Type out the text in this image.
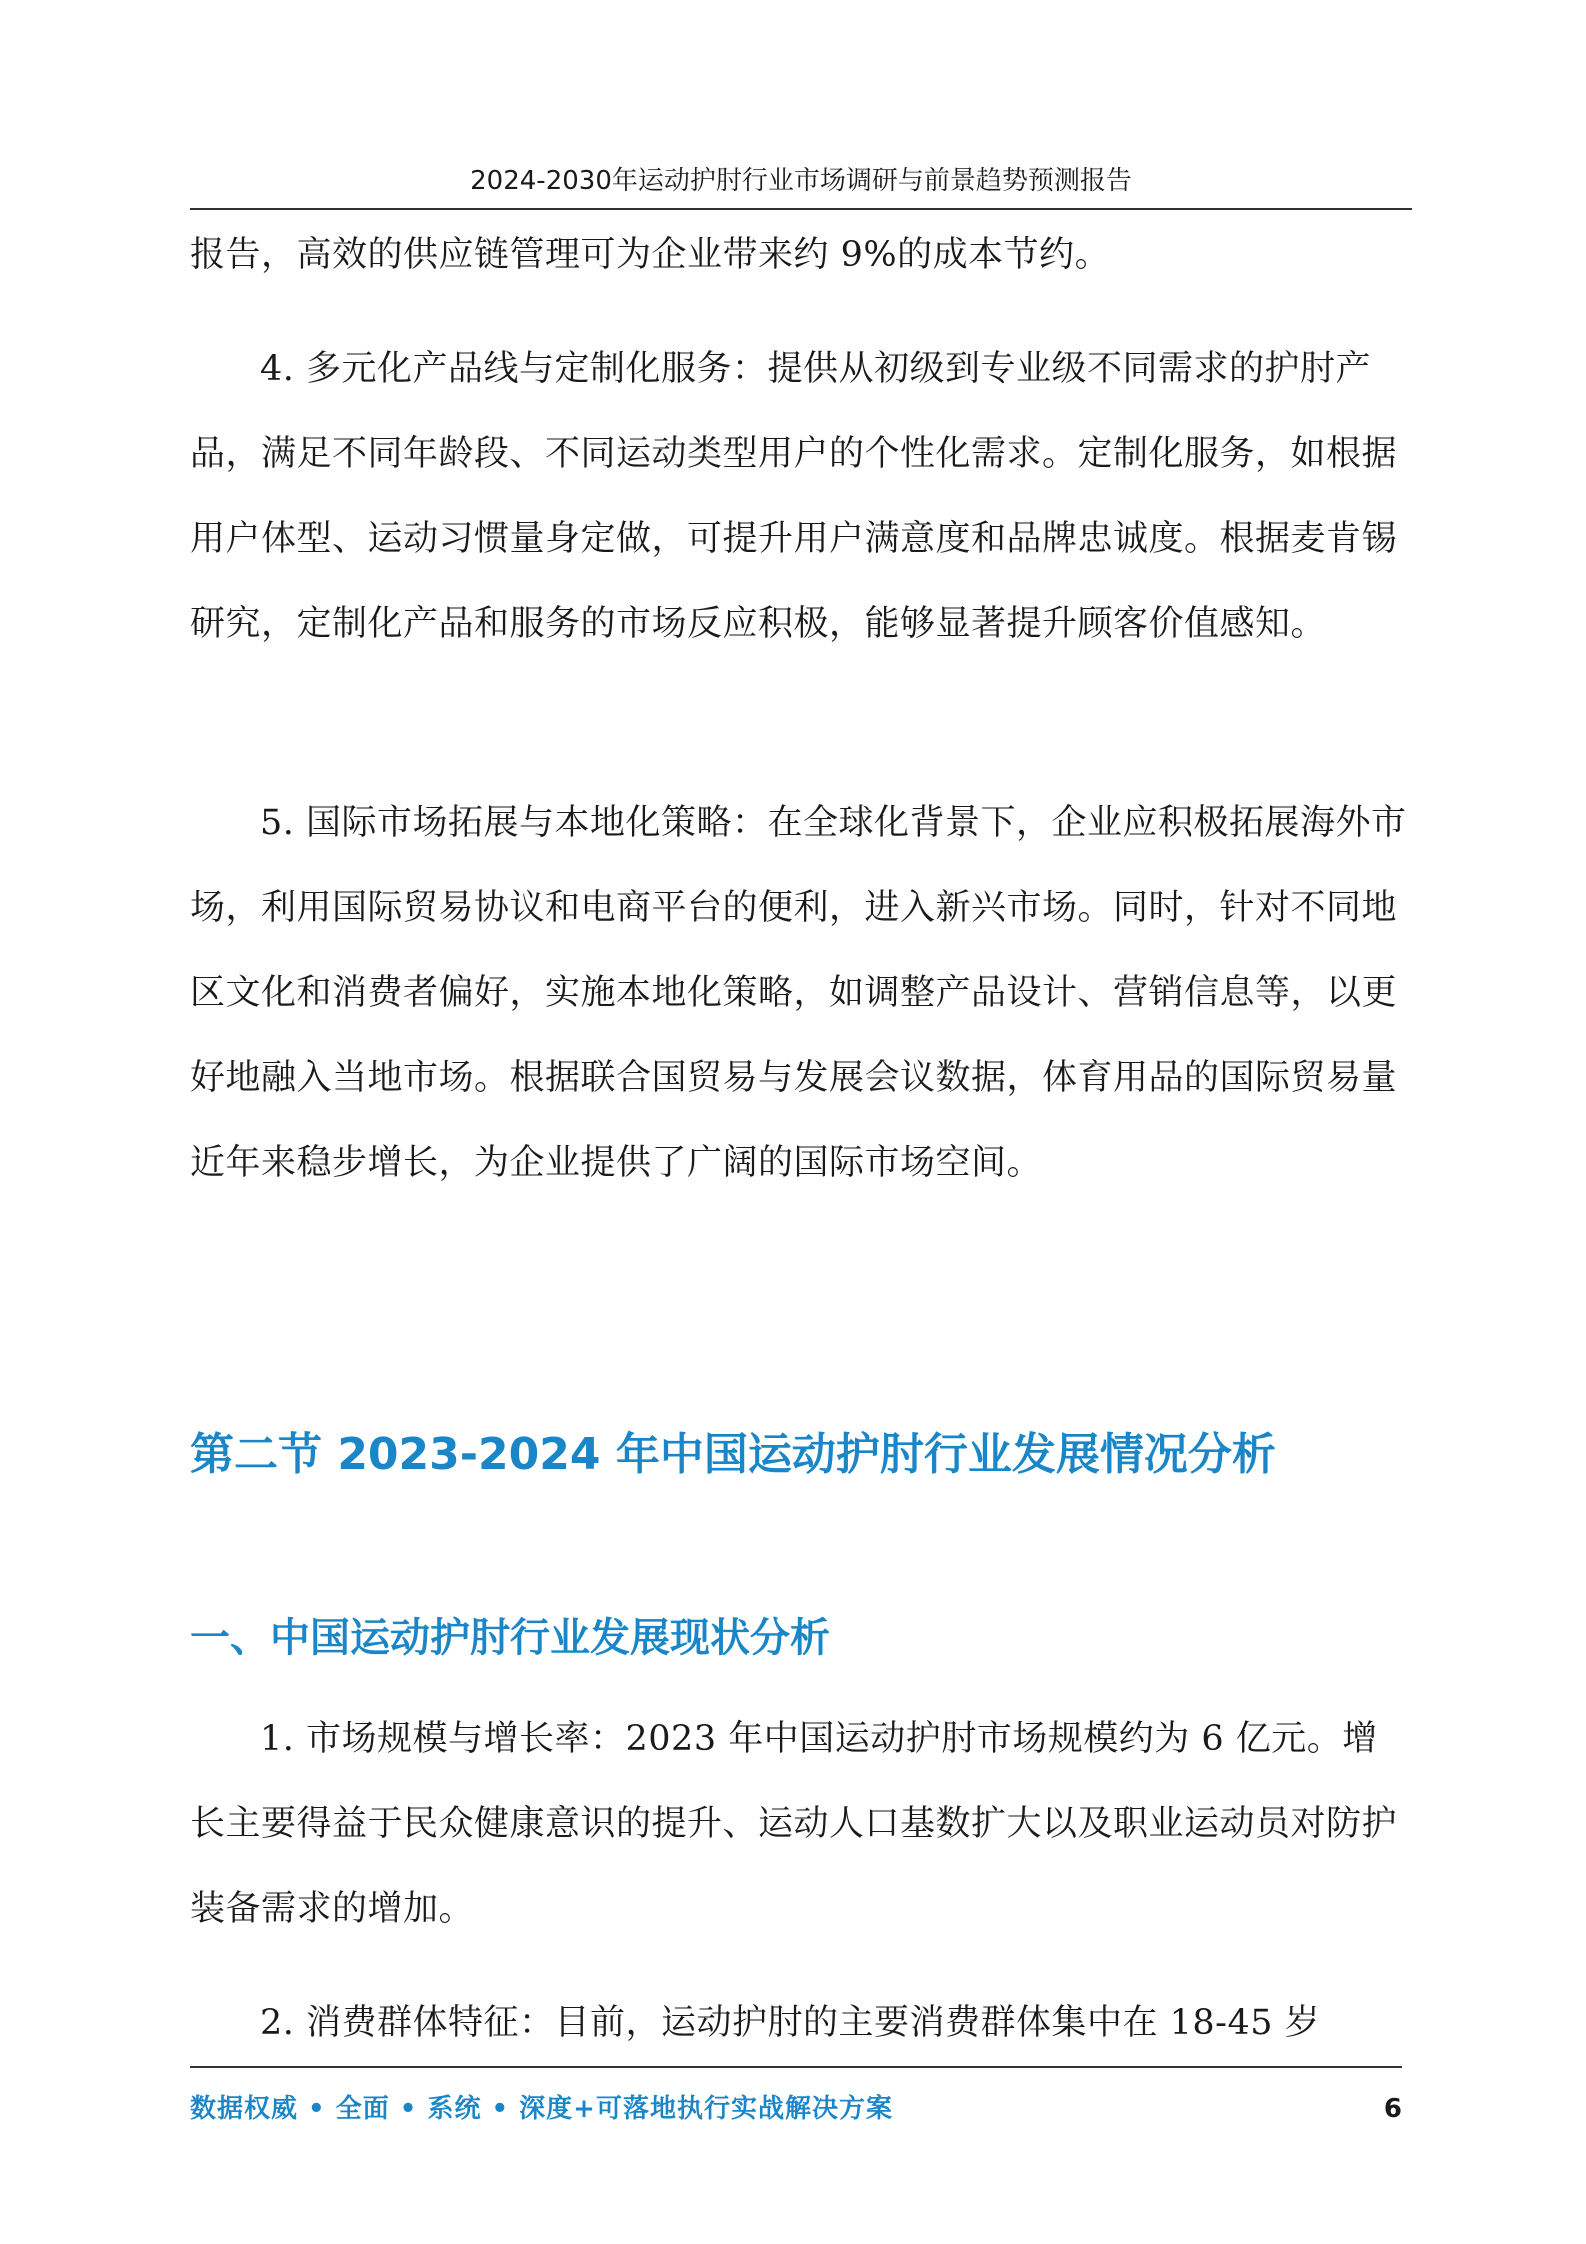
2024-2030年运动护肘行业市场调研与前景趋势预测报告

报告，高效的供应链管理可为企业带来约 9%的成本节约。

4. 多元化产品线与定制化服务：提供从初级到专业级不同需求的护肘产品，满足不同年龄段、不同运动类型用户的个性化需求。定制化服务，如根据用户体型、运动习惯量身定做，可提升用户满意度和品牌忠诚度。根据麦肯锡研究，定制化产品和服务的市场反应积极，能够显著提升顾客价值感知。

5. 国际市场拓展与本地化策略：在全球化背景下，企业应积极拓展海外市场，利用国际贸易协议和电商平台的便利，进入新兴市场。同时，针对不同地区文化和消费者偏好，实施本地化策略，如调整产品设计、营销信息等，以更好地融入当地市场。根据联合国贸易与发展会议数据，体育用品的国际贸易量近年来稳步增长，为企业提供了广阔的国际市场空间。

第二节 2023-2024 年中国运动护肘行业发展情况分析
一、中国运动护肘行业发展现状分析

1. 市场规模与增长率：2023 年中国运动护肘市场规模约为 6 亿元。增长主要得益于民众健康意识的提升、运动人口基数扩大以及职业运动员对防护装备需求的增加。

2. 消费群体特征：目前，运动护肘的主要消费群体集中在 18-45 岁

数据权威 • 全面 • 系统 • 深度+可落地执行实战解决方案	6
